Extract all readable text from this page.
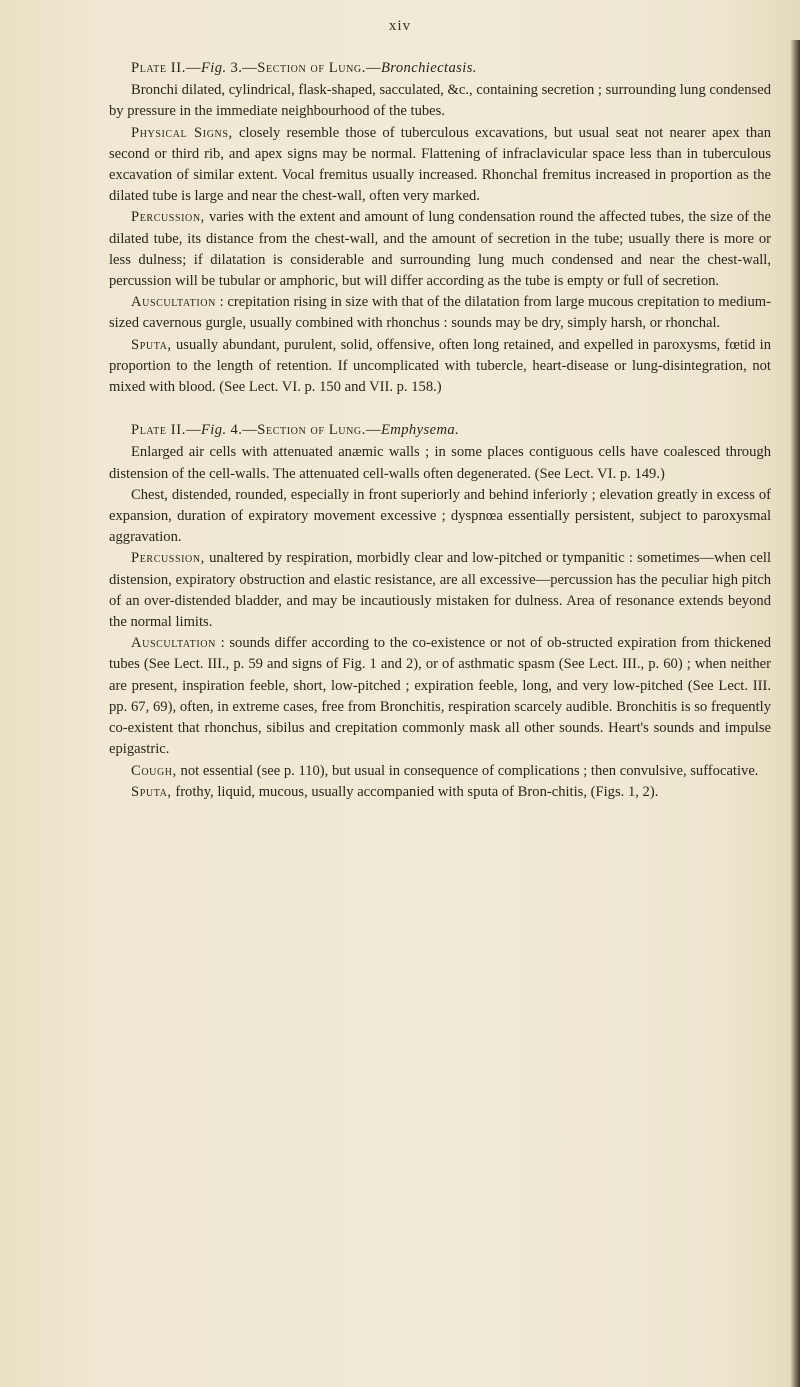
xiv

Plate II.—Fig. 3.—Section of Lung.—Bronchiectasis.

Bronchi dilated, cylindrical, flask-shaped, sacculated, &c., containing secretion ; surrounding lung condensed by pressure in the immediate neighbourhood of the tubes.

Physical Signs, closely resemble those of tuberculous excavations, but usual seat not nearer apex than second or third rib, and apex signs may be normal. Flattening of infraclavicular space less than in tuberculous excavation of similar extent. Vocal fremitus usually increased. Rhonchal fremitus increased in proportion as the dilated tube is large and near the chest-wall, often very marked.

Percussion, varies with the extent and amount of lung condensation round the affected tubes, the size of the dilated tube, its distance from the chest-wall, and the amount of secretion in the tube; usually there is more or less dulness; if dilatation is considerable and surrounding lung much condensed and near the chest-wall, percussion will be tubular or amphoric, but will differ according as the tube is empty or full of secretion.

Auscultation : crepitation rising in size with that of the dilatation from large mucous crepitation to medium-sized cavernous gurgle, usually combined with rhonchus : sounds may be dry, simply harsh, or rhonchal.

Sputa, usually abundant, purulent, solid, offensive, often long retained, and expelled in paroxysms, fœtid in proportion to the length of retention. If uncomplicated with tubercle, heart-disease or lung-disintegration, not mixed with blood. (See Lect. VI. p. 150 and VII. p. 158.)

Plate II.—Fig. 4.—Section of Lung.—Emphysema.

Enlarged air cells with attenuated anæmic walls ; in some places contiguous cells have coalesced through distension of the cell-walls. The attenuated cell-walls often degenerated. (See Lect. VI. p. 149.)

Chest, distended, rounded, especially in front superiorly and behind inferiorly ; elevation greatly in excess of expansion, duration of expiratory movement excessive ; dyspnœa essentially persistent, subject to paroxysmal aggravation.

Percussion, unaltered by respiration, morbidly clear and low-pitched or tympanitic : sometimes—when cell distension, expiratory obstruction and elastic resistance, are all excessive—percussion has the peculiar high pitch of an over-distended bladder, and may be incautiously mistaken for dulness. Area of resonance extends beyond the normal limits.

Auscultation : sounds differ according to the co-existence or not of ob-structed expiration from thickened tubes (See Lect. III., p. 59 and signs of Fig. 1 and 2), or of asthmatic spasm (See Lect. III., p. 60) ; when neither are present, inspiration feeble, short, low-pitched ; expiration feeble, long, and very low-pitched (See Lect. III. pp. 67, 69), often, in extreme cases, free from Bronchitis, respiration scarcely audible. Bronchitis is so frequently co-existent that rhonchus, sibilus and crepitation commonly mask all other sounds. Heart's sounds and impulse epigastric.

Cough, not essential (see p. 110), but usual in consequence of complications ; then convulsive, suffocative.

Sputa, frothy, liquid, mucous, usually accompanied with sputa of Bron-chitis, (Figs. 1, 2).
